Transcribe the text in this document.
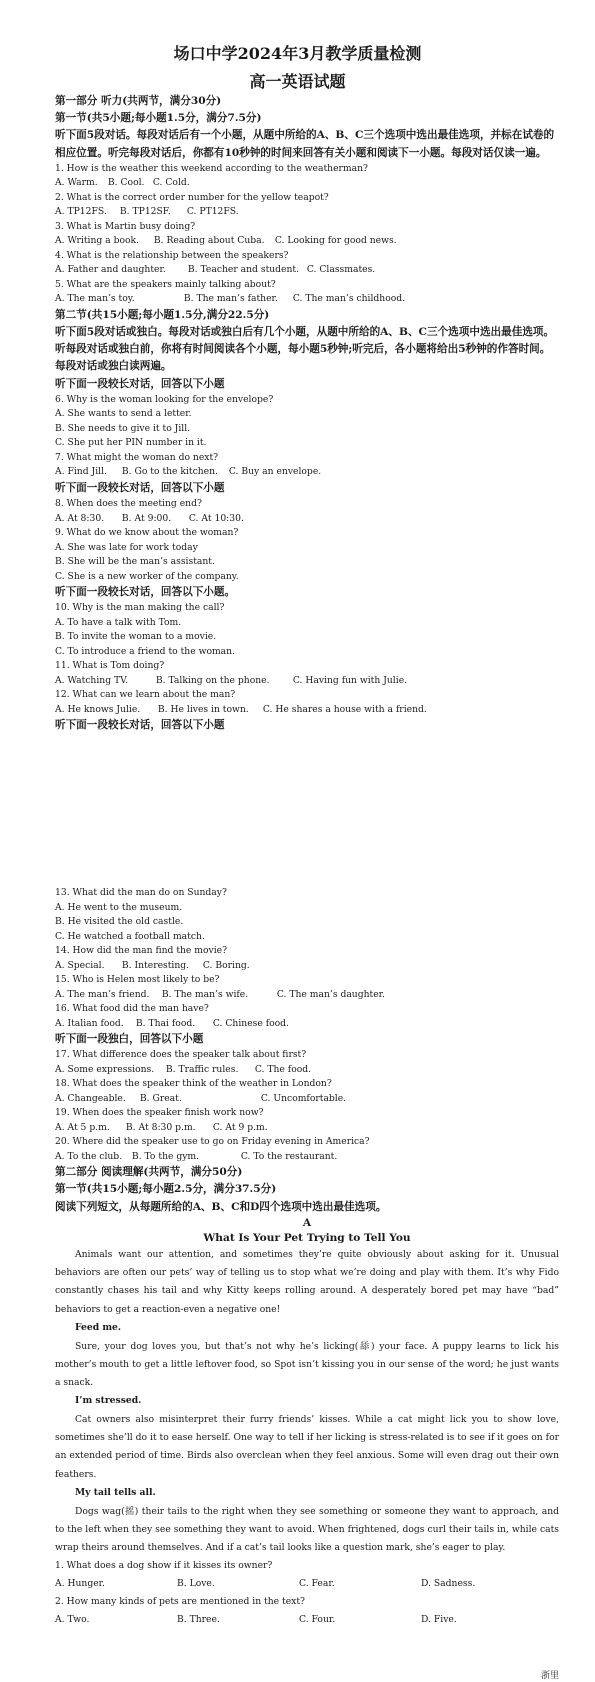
场口中学2024年3月教学质量检测
高一英语试题
第一部分 听力(共两节，满分30分)
第一节(共5小题;每小题1.5分，满分7.5分)
听下面5段对话。每段对话后有一个小题，从题中所给的A、B、C三个选项中选出最佳选项，并标在试卷的相应位置。听完每段对话后，你都有10秒钟的时间来回答有关小题和阅读下一小题。每段对话仅读一遍。
1. How is the weather this weekend according to the weatherman?
A. Warm. B. Cool. C. Cold.
2. What is the correct order number for the yellow teapot?
A. TP12FS. B. TP12SF. C. PT12FS.
3. What is Martin busy doing?
A. Writing a book. B. Reading about Cuba. C. Looking for good news.
4. What is the relationship between the speakers?
A. Father and daughter. B. Teacher and student. C. Classmates.
5. What are the speakers mainly talking about?
A. The man’s toy.	B. The man’s father. C. The man’s childhood.
第二节(共15小题;每小题1.5分,满分22.5分)
听下面5段对话或独白。每段对话或独白后有几个小题，从题中所给的A、B、C三个选项中选出最佳选项。听每段对话或独白前，你将有时间阅读各个小题，每小题5秒钟;听完后，各小题将给出5秒钟的作答时间。每段对话或独白读两遍。
听下面一段较长对话，回答以下小题
6. Why is the woman looking for the envelope?
A. She wants to send a letter.
B. She needs to give it to Jill.
C. She put her PIN number in it.
7. What might the woman do next?
A. Find Jill. B. Go to the kitchen. C. Buy an envelope.
听下面一段较长对话，回答以下小题
8. When does the meeting end?
A. At 8:30. B. At 9:00. C. At 10:30.
9. What do we know about the woman?
A. She was late for work today
B. She will be the man’s assistant.
C. She is a new worker of the company.
听下面一段较长对话，回答以下小题。
10. Why is the man making the call?
A. To have a talk with Tom.
B. To invite the woman to a movie.
C. To introduce a friend to the woman.
11. What is Tom doing?
A. Watching TV.	B. Talking on the phone.	C. Having fun with Julie.
12. What can we learn about the man?
A. He knows Julie. B. He lives in town. C. He shares a house with a friend.
听下面一段较长对话，回答以下小题
13. What did the man do on Sunday?
A. He went to the museum.
B. He visited the old castle.
C. He watched a football match.
14. How did the man find the movie?
A. Special. B. Interesting. C. Boring.
15. Who is Helen most likely to be?
A. The man’s friend. B. The man’s wife.	C. The man’s daughter.
16. What food did the man have?
A. Italian food. B. Thai food. C. Chinese food.
听下面一段独白，回答以下小题
17. What difference does the speaker talk about first?
A. Some expressions. B. Traffic rules. C. The food.
18. What does the speaker think of the weather in London?
A. Changeable. B. Great.	C. Uncomfortable.
19. When does the speaker finish work now?
A. At 5 p.m. B. At 8:30 p.m. C. At 9 p.m.
20. Where did the speaker use to go on Friday evening in America?
A. To the club. B. To the gym.	C. To the restaurant.
第二部分 阅读理解(共两节，满分50分)
第一节(共15小题;每小题2.5分，满分37.5分)
阅读下列短文，从每题所给的A、B、C和D四个选项中选出最佳选项。
A
What Is Your Pet Trying to Tell You
Animals want our attention, and sometimes they’re quite obviously about asking for it. Unusual behaviors are often our pets’ way of telling us to stop what we’re doing and play with them. It’s why Fido constantly chases his tail and why Kitty keeps rolling around. A desperately bored pet may have “bad” behaviors to get a reaction-even a negative one!
Feed me.
Sure, your dog loves you, but that’s not why he’s licking(舔) your face. A puppy learns to lick his mother’s mouth to get a little leftover food, so Spot isn’t kissing you in our sense of the word; he just wants a snack.
I’m stressed.
Cat owners also misinterpret their furry friends’ kisses. While a cat might lick you to show love, sometimes she’ll do it to ease herself. One way to tell if her licking is stress-related is to see if it goes on for an extended period of time. Birds also overclean when they feel anxious. Some will even drag out their own feathers.
My tail tells all.
Dogs wag(摇) their tails to the right when they see something or someone they want to approach, and to the left when they see something they want to avoid. When frightened, dogs curl their tails in, while cats wrap theirs around themselves. And if a cat’s tail looks like a question mark, she’s eager to play.
1. What does a dog show if it kisses its owner?
A. Hunger.	B. Love.	C. Fear.	D. Sadness.
2. How many kinds of pets are mentioned in the text?
A. Two.	B. Three.	C. Four.	D. Five.
浙里
